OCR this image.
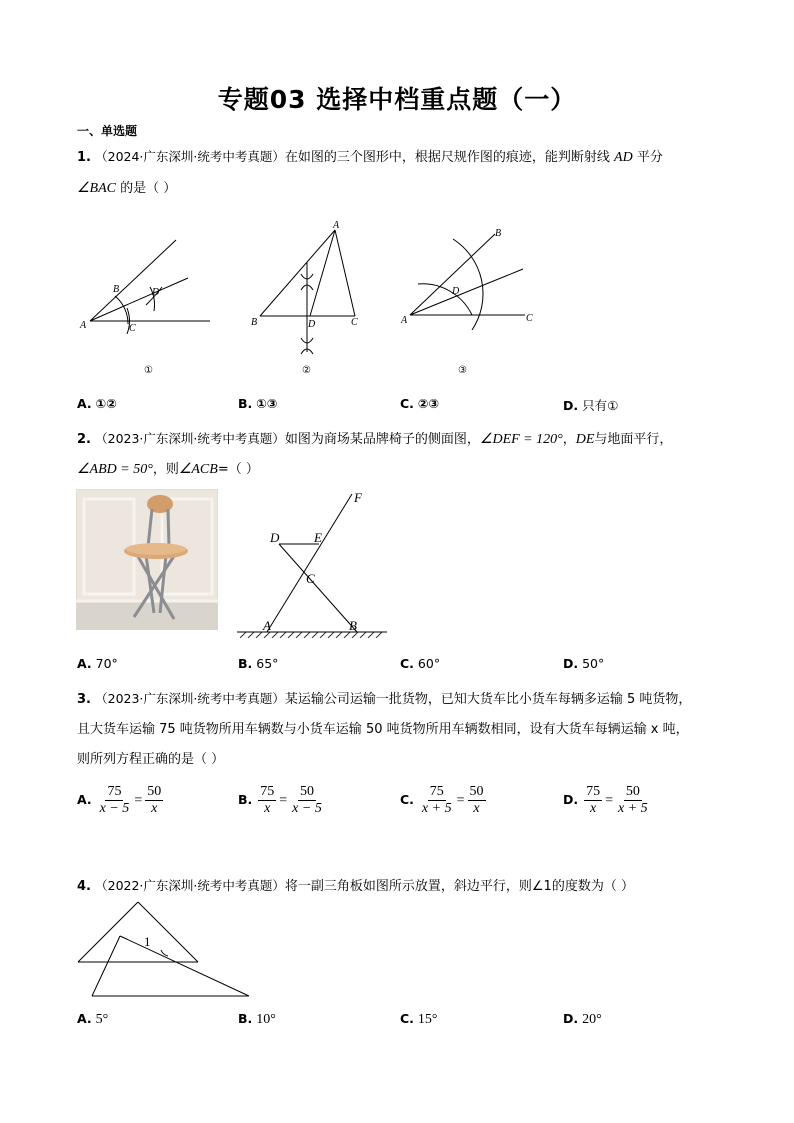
专题03 选择中档重点题（一）
一、单选题
1. （2024·广东深圳·统考中考真题）在如图的三个图形中，根据尺规作图的痕迹，能判断射线 AD 平分
∠BAC 的是（ ）
A
B
C
D
B
A
D	C	A
B
D
C
①	②	③
A. ①②	B. ①③	C. ②③	D. 只有①
2. （2023·广东深圳·统考中考真题）如图为商场某品牌椅子的侧面图，∠DEF = 120°，DE与地面平行，
∠ABD = 50°，则∠ACB=（ ）
F
D	E
C
A	B
A. 70°	B. 65°	C. 60°	D. 50°
3. （2023·广东深圳·统考中考真题）某运输公司运输一批货物，已知大货车比小货车每辆多运输 5 吨货物，
且大货车运输 75 吨货物所用车辆数与小货车运输 50 吨货物所用车辆数相同，设有大货车每辆运输 x 吨，
则所列方程正确的是（ ）
A. $\frac{75}{x - 5} = \frac{50}{x}$	B. $\frac{75}{x} = \frac{50}{x - 5}$	C. $\frac{75}{x + 5} = \frac{50}{x}$	D. $\frac{75}{x} = \frac{50}{x + 5}$
4. （2022·广东深圳·统考中考真题）将一副三角板如图所示放置，斜边平行，则∠1的度数为（ ）
1
A. 5°	B. 10°	C. 15°	D. 20°
